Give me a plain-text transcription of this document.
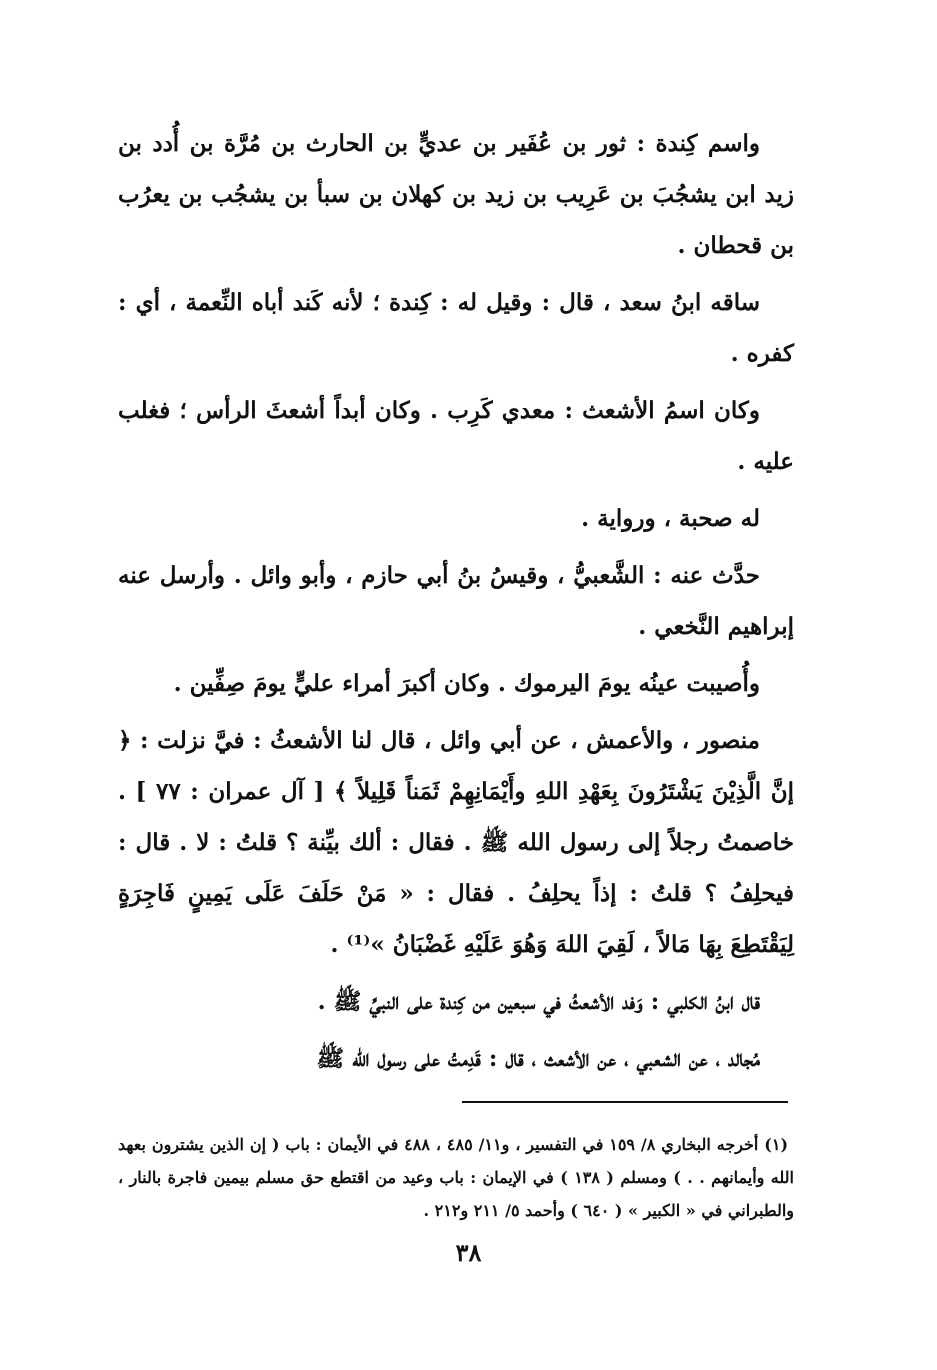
واسم كِندة : ثور بن عُفَير بن عديٍّ بن الحارث بن مُرَّة بن أُدد بن زيد ابن يشجُبَ بن عَرِيب بن زيد بن كهلان بن سبأ بن يشجُب بن يعرُب بن قحطان .

ساقه ابنُ سعد ، قال : وقيل له : كِندة ؛ لأنه كَند أباه النِّعمة ، أي : كفره .

وكان اسمُ الأشعث : معدي كَرِب . وكان أبداً أشعثَ الرأس ؛ فغلب عليه .

له صحبة ، ورواية .

حدَّث عنه : الشَّعبيُّ ، وقيسُ بنُ أبي حازم ، وأبو وائل . وأرسل عنه إبراهيم النَّخعي .

وأُصيبت عينُه يومَ اليرموك . وكان أكبرَ أمراء عليٍّ يومَ صِفِّين .

منصور ، والأعمش ، عن أبي وائل ، قال لنا الأشعثُ : فيَّ نزلت : ﴿ إنَّ الَّذِيْنَ يَشْتَرُونَ بِعَهْدِ اللهِ وأَيْمَانِهِمْ ثَمَناً قَلِيلاً ﴾ [ آل عمران : ٧٧ ] . خاصمتُ رجلاً إلى رسول الله ﷺ . فقال : ألك بيِّنة ؟ قلتُ : لا . قال : فيحلِفُ ؟ قلتُ : إذاً يحلِفُ . فقال : « مَنْ حَلَفَ عَلَى يَمِينٍ فَاجِرَةٍ لِيَقْتَطِعَ بِهَا مَالاً ، لَقِيَ اللهَ وَهُوَ عَلَيْهِ غَضْبَانُ »⁽¹⁾ .

قال ابنُ الكلبي : وَفد الأشعثُ في سبعين من كِندة على النبيِّ ﷺ .

مُجالد ، عن الشعبي ، عن الأشعث ، قال : قَدِمتُ على رسول الله ﷺ

(١) أخرجه البخاري ٨/ ١٥٩ في التفسير ، و١١/ ٤٨٥ ، ٤٨٨ في الأيمان : باب ( إن الذين يشترون بعهد الله وأيمانهم . . ) ومسلم ( ١٣٨ ) في الإيمان : باب وعيد من اقتطع حق مسلم بيمين فاجرة بالنار ، والطبراني في « الكبير » ( ٦٤٠ ) وأحمد ٥/ ٢١١ و٢١٢ .
٣٨
